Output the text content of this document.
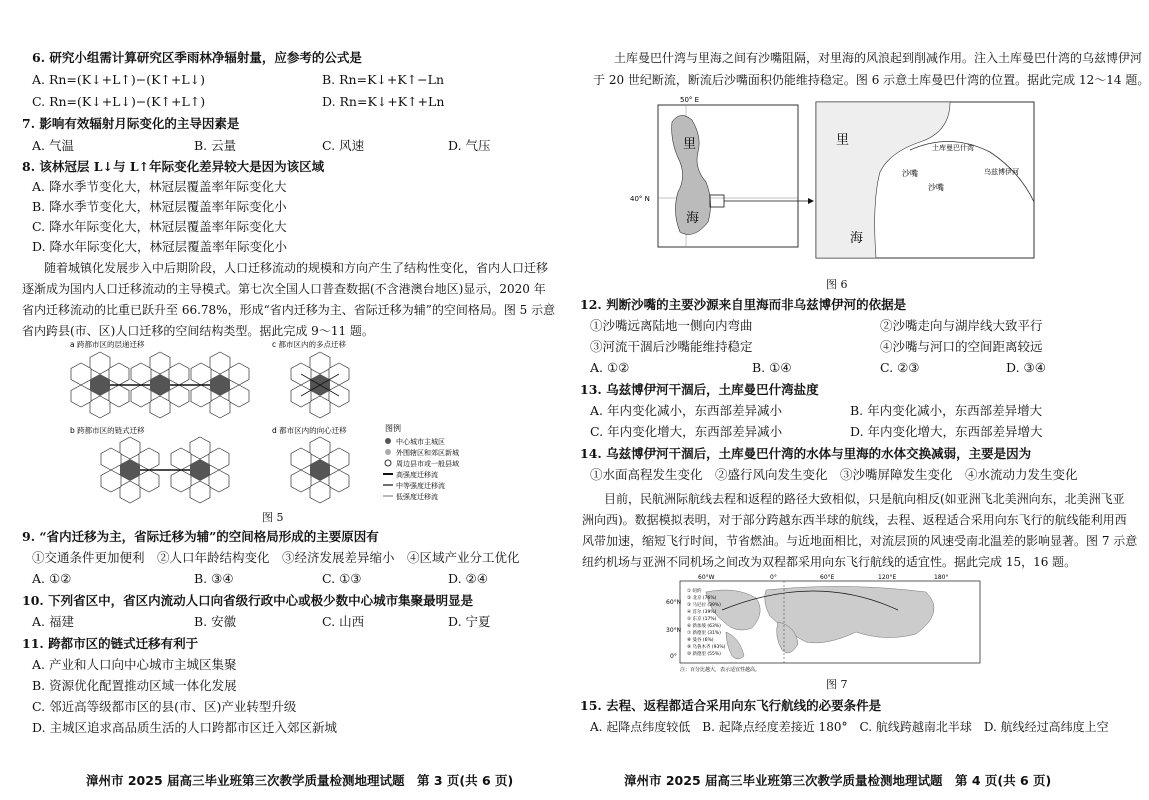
6. 研究小组需计算研究区季雨林净辐射量，应参考的公式是
A. Rn=(K↓+L↑)−(K↑+L↓)	B. Rn=K↓+K↑−Ln
C. Rn=(K↓+L↓)−(K↑+L↑)	D. Rn=K↓+K↑+Ln
7. 影响有效辐射月际变化的主导因素是
A. 气温	B. 云量	C. 风速	D. 气压
8. 该林冠层 L↓与 L↑年际变化差异较大是因为该区域
A. 降水季节变化大，林冠层覆盖率年际变化大
B. 降水季节变化大，林冠层覆盖率年际变化小
C. 降水年际变化大，林冠层覆盖率年际变化大
D. 降水年际变化大，林冠层覆盖率年际变化小
随着城镇化发展步入中后期阶段，人口迁移流动的规模和方向产生了结构性变化，省内人口迁移
逐渐成为国内人口迁移流动的主导模式。第七次全国人口普查数据(不含港澳台地区)显示，2020 年
省内迁移流动的比重已跃升至 66.78%，形成“省内迁移为主、省际迁移为辅”的空间格局。图 5 示意
省内跨县(市、区)人口迁移的空间结构类型。据此完成 9～11 题。
a 跨都市区的层递迁移	c 都市区内的多点迁移
b 跨都市区的链式迁移	d 都市区内的向心迁移	图例
中心城市主城区
外围辖区和郊区新城
周边县市或一般县域
高强度迁移流
中等强度迁移流
低强度迁移流
图 5
9. “省内迁移为主，省际迁移为辅”的空间格局形成的主要原因有
①交通条件更加便利　②人口年龄结构变化　③经济发展差异缩小　④区域产业分工优化
A. ①②	B. ③④	C. ①③	D. ②④
10. 下列省区中，省区内流动人口向省级行政中心或极少数中心城市集聚最明显是
A. 福建	B. 安徽	C. 山西	D. 宁夏
11. 跨都市区的链式迁移有利于
A. 产业和人口向中心城市主城区集聚
B. 资源优化配置推动区域一体化发展
C. 邻近高等级都市区的县(市、区)产业转型升级
D. 主城区追求高品质生活的人口跨都市区迁入郊区新城
漳州市 2025 届高三毕业班第三次教学质量检测地理试题　第 3 页(共 6 页)
土库曼巴什湾与里海之间有沙嘴阻隔，对里海的风浪起到削减作用。注入土库曼巴什湾的乌兹博伊河
于 20 世纪断流，断流后沙嘴面积仍能维持稳定。图 6 示意土库曼巴什湾的位置。据此完成 12～14 题。
50° E
里
海
40° N
里
海
土库曼巴什湾
沙嘴
沙嘴
乌兹博伊河
图 6
12. 判断沙嘴的主要沙源来自里海而非乌兹博伊河的依据是
①沙嘴远离陆地一侧向内弯曲	②沙嘴走向与湖岸线大致平行
③河流干涸后沙嘴能维持稳定	④沙嘴与河口的空间距离较远
A. ①②	B. ①④	C. ②③	D. ③④
13. 乌兹博伊河干涸后，土库曼巴什湾盐度
A. 年内变化减小，东西部差异减小	B. 年内变化减小，东西部差异增大
C. 年内变化增大，东西部差异减小	D. 年内变化增大，东西部差异增大
14. 乌兹博伊河干涸后，土库曼巴什湾的水体与里海的水体交换减弱，主要是因为
①水面高程发生变化　②盛行风向发生变化　③沙嘴屏障发生变化　④水流动力发生变化
目前，民航洲际航线去程和返程的路径大致相似，只是航向相反(如亚洲飞北美洲向东，北美洲飞亚
洲向西)。数据模拟表明，对于部分跨越东西半球的航线，去程、返程适合采用向东飞行的航线能利用西
风带加速，缩短飞行时间，节省燃油。与近地面相比，对流层顶的风速受南北温差的影响显著。图 7 示意
纽约机场与亚洲不同机场之间改为双程都采用向东飞行航线的适宜性。据此完成 15，16 题。
60°W	0°	60°E	120°E	180°
60°N
30°N
0°
① 纽约
② 北京 (76%)
③ 马尼拉 (39%)
④ 首尔 (39%)
⑤ 东京 (17%)
⑥ 新加坡 (63%)
⑦ 新德里 (31%)
⑧ 曼谷 (6%)
⑨ 乌鲁木齐 (93%)
⑩ 新德里 (55%)
注：百分比越大，表示适宜性越高。
图 7
15. 去程、返程都适合采用向东飞行航线的必要条件是
A. 起降点纬度较低　B. 起降点经度差接近 180°　C. 航线跨越南北半球　D. 航线经过高纬度上空
漳州市 2025 届高三毕业班第三次教学质量检测地理试题　第 4 页(共 6 页)
